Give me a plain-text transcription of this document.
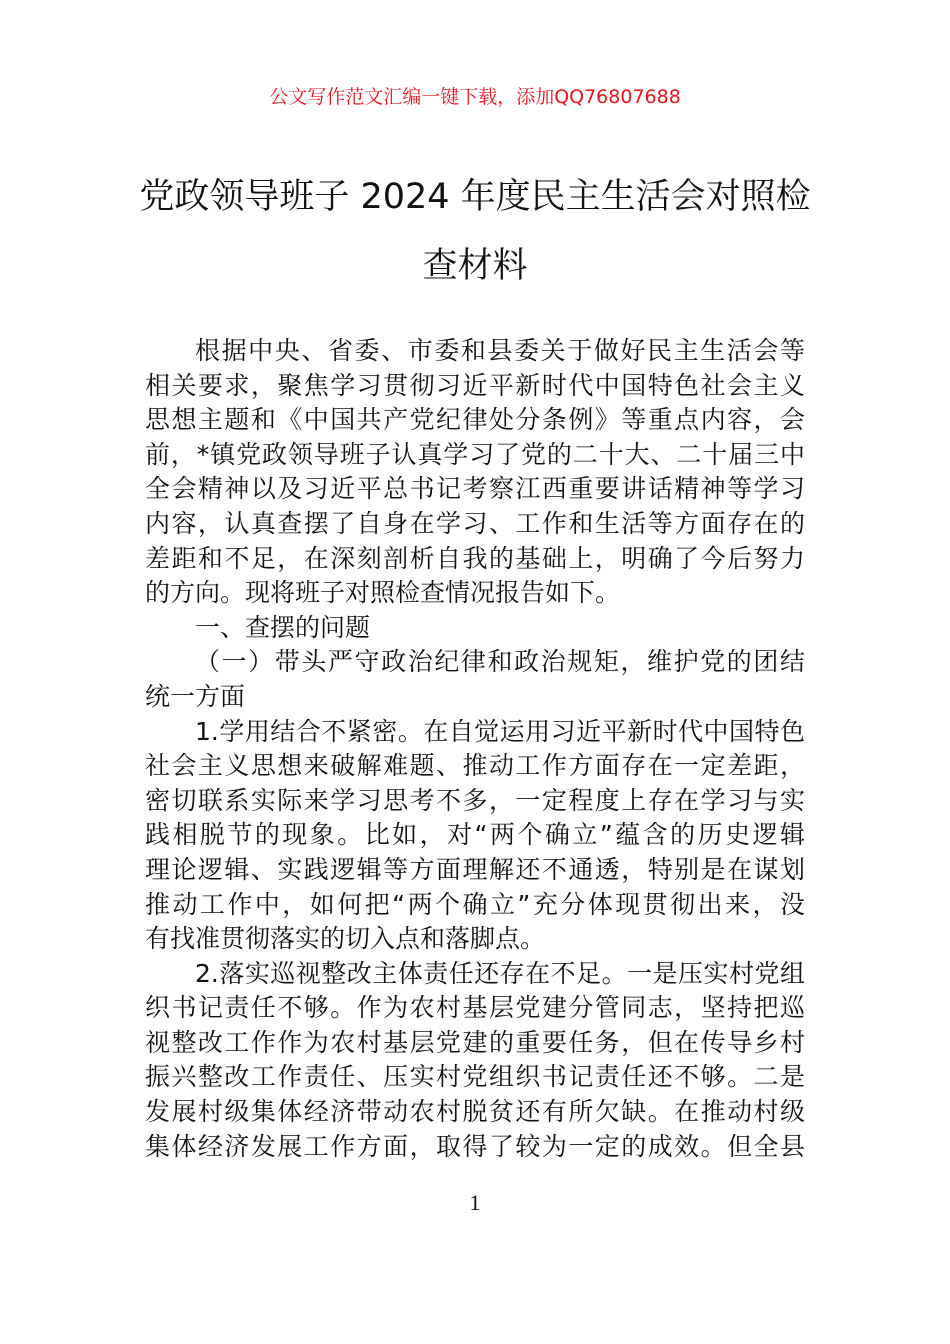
公文写作范文汇编一键下载，添加QQ76807688
党政领导班子 2024 年度民主生活会对照检
查材料
根据中央、省委、市委和县委关于做好民主生活会等
相关要求，聚焦学习贯彻习近平新时代中国特色社会主义
思想主题和《中国共产党纪律处分条例》等重点内容，会
前，*镇党政领导班子认真学习了党的二十大、二十届三中
全会精神以及习近平总书记考察江西重要讲话精神等学习
内容，认真查摆了自身在学习、工作和生活等方面存在的
差距和不足，在深刻剖析自我的基础上，明确了今后努力
的方向。现将班子对照检查情况报告如下。
一、查摆的问题
（一）带头严守政治纪律和政治规矩，维护党的团结
统一方面
1.学用结合不紧密。在自觉运用习近平新时代中国特色
社会主义思想来破解难题、推动工作方面存在一定差距，
密切联系实际来学习思考不多，一定程度上存在学习与实
践相脱节的现象。比如，对“两个确立”蕴含的历史逻辑
理论逻辑、实践逻辑等方面理解还不通透，特别是在谋划
推动工作中，如何把“两个确立”充分体现贯彻出来，没
有找准贯彻落实的切入点和落脚点。
2.落实巡视整改主体责任还存在不足。一是压实村党组
织书记责任不够。作为农村基层党建分管同志，坚持把巡
视整改工作作为农村基层党建的重要任务，但在传导乡村
振兴整改工作责任、压实村党组织书记责任还不够。二是
发展村级集体经济带动农村脱贫还有所欠缺。在推动村级
集体经济发展工作方面，取得了较为一定的成效。但全县
1
